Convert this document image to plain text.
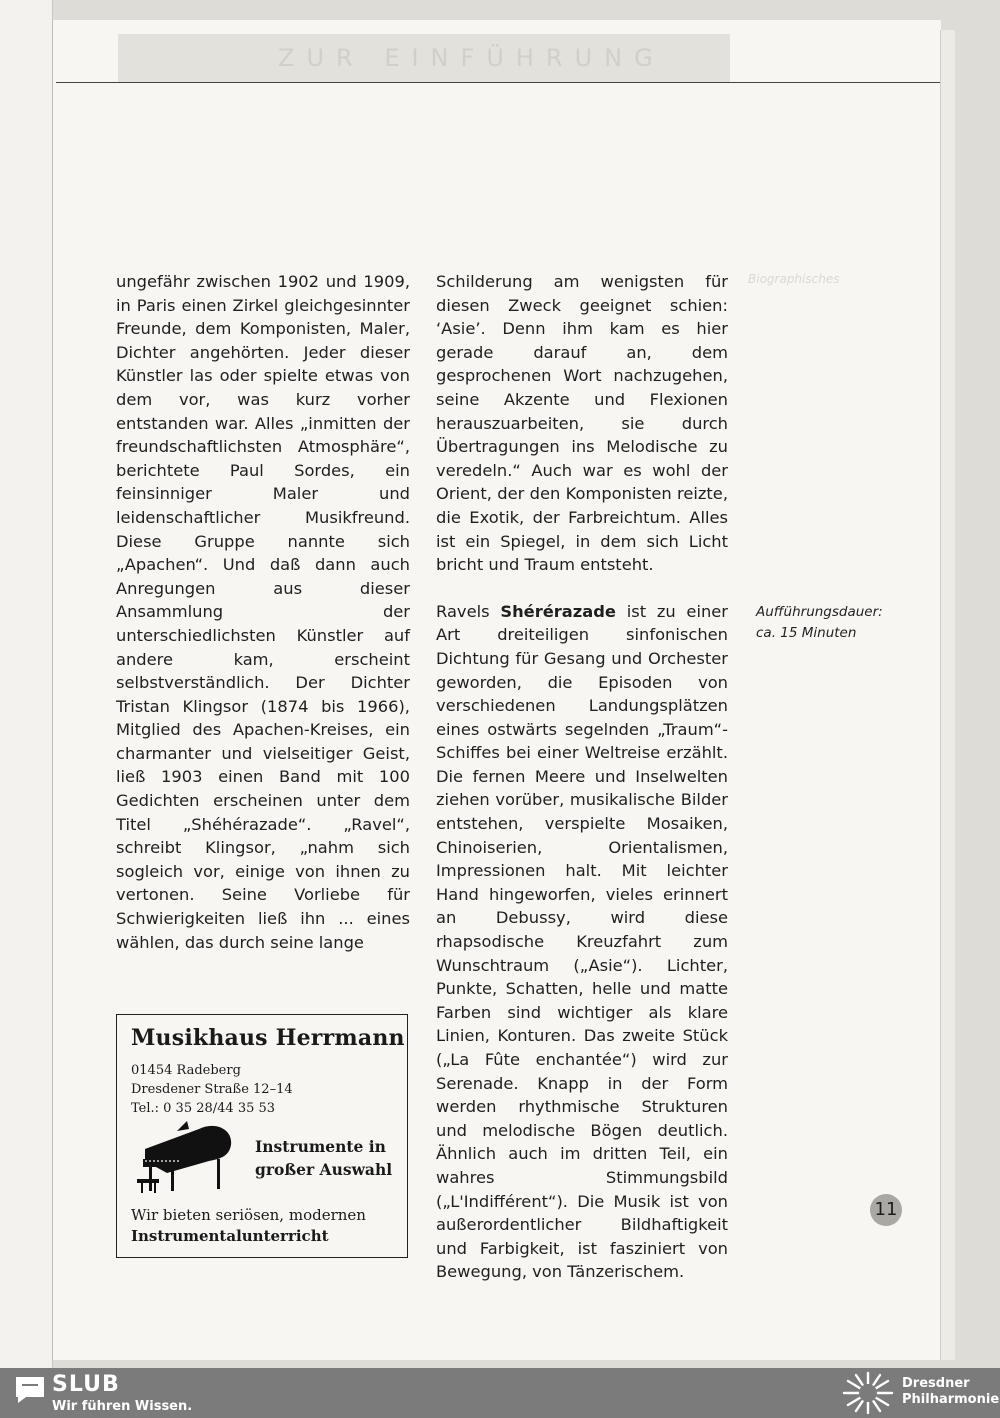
ZUR EINFÜHRUNG

ungefähr zwischen 1902 und 1909, in Paris einen Zirkel gleichgesinnter Freunde, dem Komponisten, Maler, Dichter angehörten. Jeder dieser Künstler las oder spielte etwas von dem vor, was kurz vorher entstanden war. Alles „inmitten der freundschaftlichsten Atmosphäre“, berichtete Paul Sordes, ein feinsinniger Maler und leidenschaftlicher Musikfreund. Diese Gruppe nannte sich „Apachen“. Und daß dann auch Anregungen aus dieser Ansammlung der unterschiedlichsten Künstler auf andere kam, erscheint selbstverständlich. Der Dichter Tristan Klingsor (1874 bis 1966), Mitglied des Apachen-Kreises, ein charmanter und vielseitiger Geist, ließ 1903 einen Band mit 100 Gedichten erscheinen unter dem Titel „Shéhérazade“. „Ravel“, schreibt Klingsor, „nahm sich sogleich vor, einige von ihnen zu vertonen. Seine Vorliebe für Schwierigkeiten ließ ihn ... eines wählen, das durch seine lange

Schilderung am wenigsten für diesen Zweck geeignet schien: ‘Asie’. Denn ihm kam es hier gerade darauf an, dem gesprochenen Wort nachzugehen, seine Akzente und Flexionen herauszuarbeiten, sie durch Übertragungen ins Melodische zu veredeln.“ Auch war es wohl der Orient, der den Komponisten reizte, die Exotik, der Farbreichtum. Alles ist ein Spiegel, in dem sich Licht bricht und Traum entsteht.

Ravels Shérérazade ist zu einer Art dreiteiligen sinfonischen Dichtung für Gesang und Orchester geworden, die Episoden von verschiedenen Landungsplätzen eines ostwärts segelnden „Traum“-Schiffes bei einer Weltreise erzählt. Die fernen Meere und Inselwelten ziehen vorüber, musikalische Bilder entstehen, verspielte Mosaiken, Chinoiserien, Orientalismen, Impressionen halt. Mit leichter Hand hingeworfen, vieles erinnert an Debussy, wird diese rhapsodische Kreuzfahrt zum Wunschtraum („Asie“). Lichter, Punkte, Schatten, helle und matte Farben sind wichtiger als klare Linien, Konturen. Das zweite Stück („La Fûte enchantée“) wird zur Serenade. Knapp in der Form werden rhythmische Strukturen und melodische Bögen deutlich. Ähnlich auch im dritten Teil, ein wahres Stimmungsbild („L'Indifférent“). Die Musik ist von außerordentlicher Bildhaftigkeit und Farbigkeit, ist fasziniert von Bewegung, von Tänzerischem.

Biographisches
Aufführungsdauer:
ca. 15 Minuten
Musikhaus Herrmann
01454 Radeberg
Dresdener Straße 12–14
Tel.: 0 35 28/44 35 53
Instrumente in
großer Auswahl
Wir bieten seriösen, modernen
Instrumentalunterricht
11
SLUB
Wir führen Wissen.
Dresdner
Philharmonie
